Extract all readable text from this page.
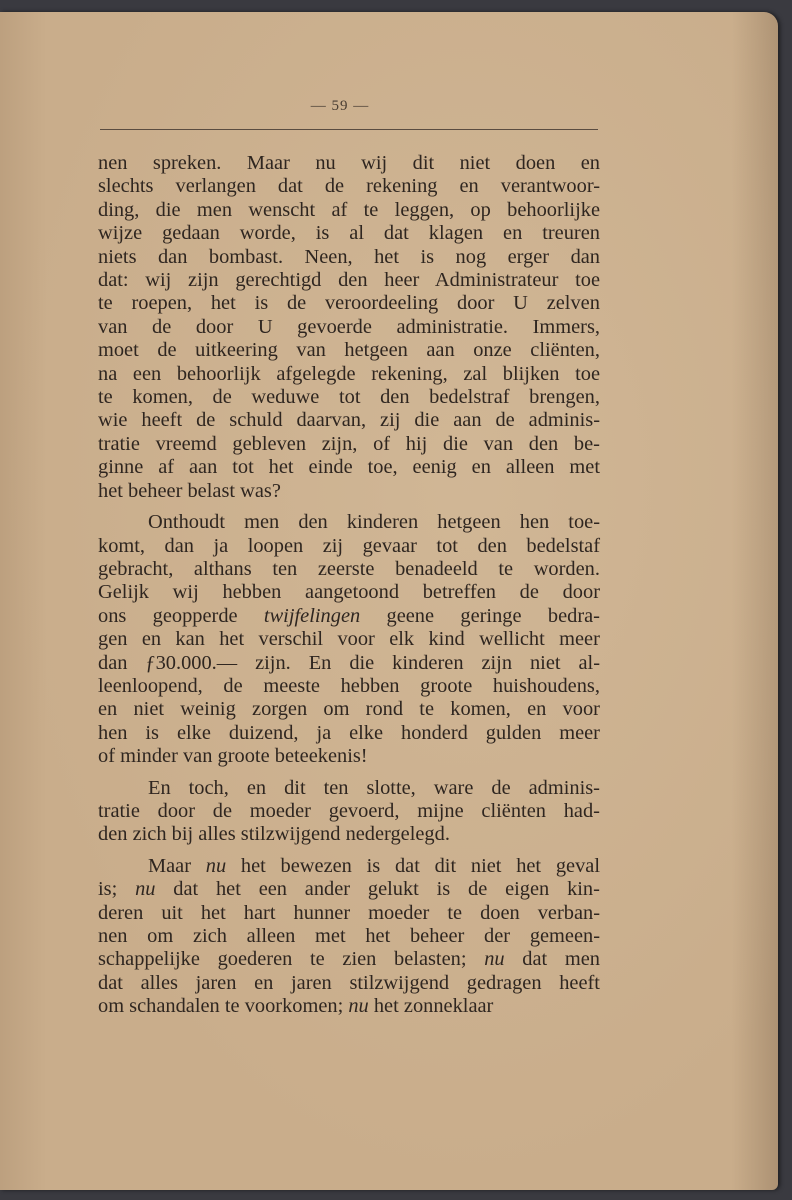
— 59 —
nen spreken. Maar nu wij dit niet doen en
slechts verlangen dat de rekening en verantwoor-
ding, die men wenscht af te leggen, op behoorlijke
wijze gedaan worde, is al dat klagen en treuren
niets dan bombast. Neen, het is nog erger dan
dat: wij zijn gerechtigd den heer Administrateur toe
te roepen, het is de veroordeeling door U zelven
van de door U gevoerde administratie. Immers,
moet de uitkeering van hetgeen aan onze cliënten,
na een behoorlijk afgelegde rekening, zal blijken toe
te komen, de weduwe tot den bedelstraf brengen,
wie heeft de schuld daarvan, zij die aan de adminis-
tratie vreemd gebleven zijn, of hij die van den be-
ginne af aan tot het einde toe, eenig en alleen met
het beheer belast was?
Onthoudt men den kinderen hetgeen hen toe-
komt, dan ja loopen zij gevaar tot den bedelstaf
gebracht, althans ten zeerste benadeeld te worden.
Gelijk wij hebben aangetoond betreffen de door
ons geopperde twijfelingen geene geringe bedra-
gen en kan het verschil voor elk kind wellicht meer
dan ƒ30.000.— zijn. En die kinderen zijn niet al-
leenloopend, de meeste hebben groote huishoudens,
en niet weinig zorgen om rond te komen, en voor
hen is elke duizend, ja elke honderd gulden meer
of minder van groote beteekenis!
En toch, en dit ten slotte, ware de adminis-
tratie door de moeder gevoerd, mijne cliënten had-
den zich bij alles stilzwijgend nedergelegd.
Maar nu het bewezen is dat dit niet het geval
is; nu dat het een ander gelukt is de eigen kin-
deren uit het hart hunner moeder te doen verban-
nen om zich alleen met het beheer der gemeen-
schappelijke goederen te zien belasten; nu dat men
dat alles jaren en jaren stilzwijgend gedragen heeft
om schandalen te voorkomen; nu het zonneklaar
